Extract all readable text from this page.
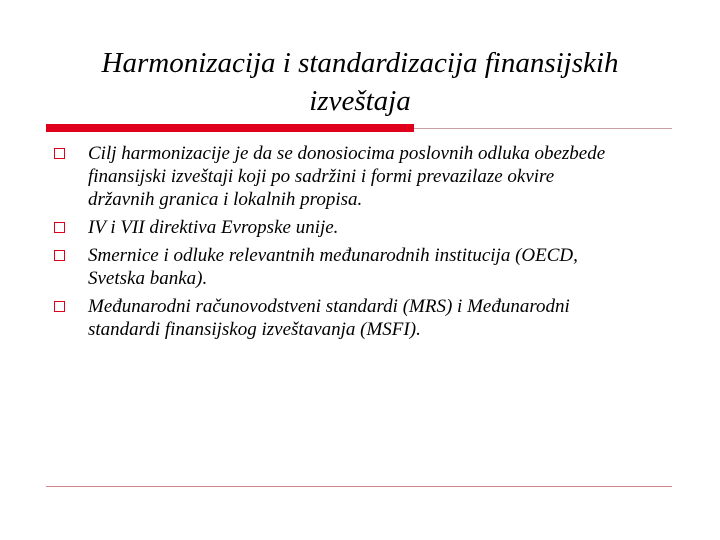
Harmonizacija i standardizacija finansijskih
izveštaja
Cilj harmonizacije je da se donosiocima poslovnih odluka obezbede
finansijski izveštaji koji po sadržini i formi prevazilaze okvire
državnih granica i lokalnih propisa.
IV i VII direktiva Evropske unije.
Smernice i odluke relevantnih međunarodnih institucija (OECD,
Svetska banka).
Međunarodni računovodstveni standardi (MRS) i Međunarodni
standardi finansijskog izveštavanja (MSFI).
